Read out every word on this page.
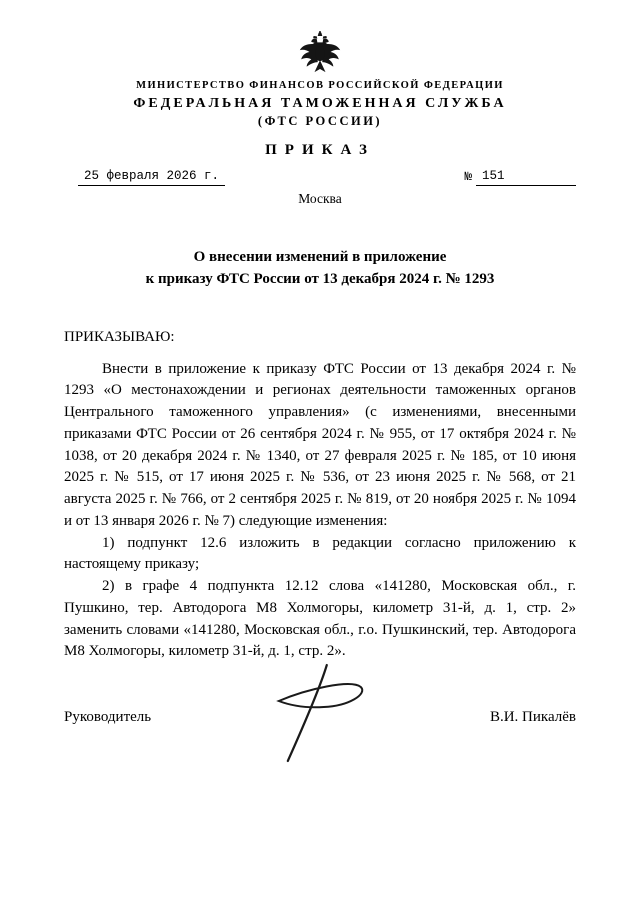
МИНИСТЕРСТВО ФИНАНСОВ РОССИЙСКОЙ ФЕДЕРАЦИИ
ФЕДЕРАЛЬНАЯ ТАМОЖЕННАЯ СЛУЖБА
(ФТС РОССИИ)
ПРИКАЗ
25 февраля 2026 г.	№ 151
Москва
О внесении изменений в приложение
к приказу ФТС России от 13 декабря 2024 г. № 1293
ПРИКАЗЫВАЮ:

Внести в приложение к приказу ФТС России от 13 декабря 2024 г. № 1293 «О местонахождении и регионах деятельности таможенных органов Центрального таможенного управления» (с изменениями, внесенными приказами ФТС России от 26 сентября 2024 г. № 955, от 17 октября 2024 г. № 1038, от 20 декабря 2024 г. № 1340, от 27 февраля 2025 г. № 185, от 10 июня 2025 г. № 515, от 17 июня 2025 г. № 536, от 23 июня 2025 г. № 568, от 21 августа 2025 г. № 766, от 2 сентября 2025 г. № 819, от 20 ноября 2025 г. № 1094 и от 13 января 2026 г. № 7) следующие изменения:

1) подпункт 12.6 изложить в редакции согласно приложению к настоящему приказу;

2) в графе 4 подпункта 12.12 слова «141280, Московская обл., г. Пушкино, тер. Автодорога М8 Холмогоры, километр 31-й, д. 1, стр. 2» заменить словами «141280, Московская обл., г.о. Пушкинский, тер. Автодорога М8 Холмогоры, километр 31-й, д. 1, стр. 2».

Руководитель	В.И. Пикалёв
